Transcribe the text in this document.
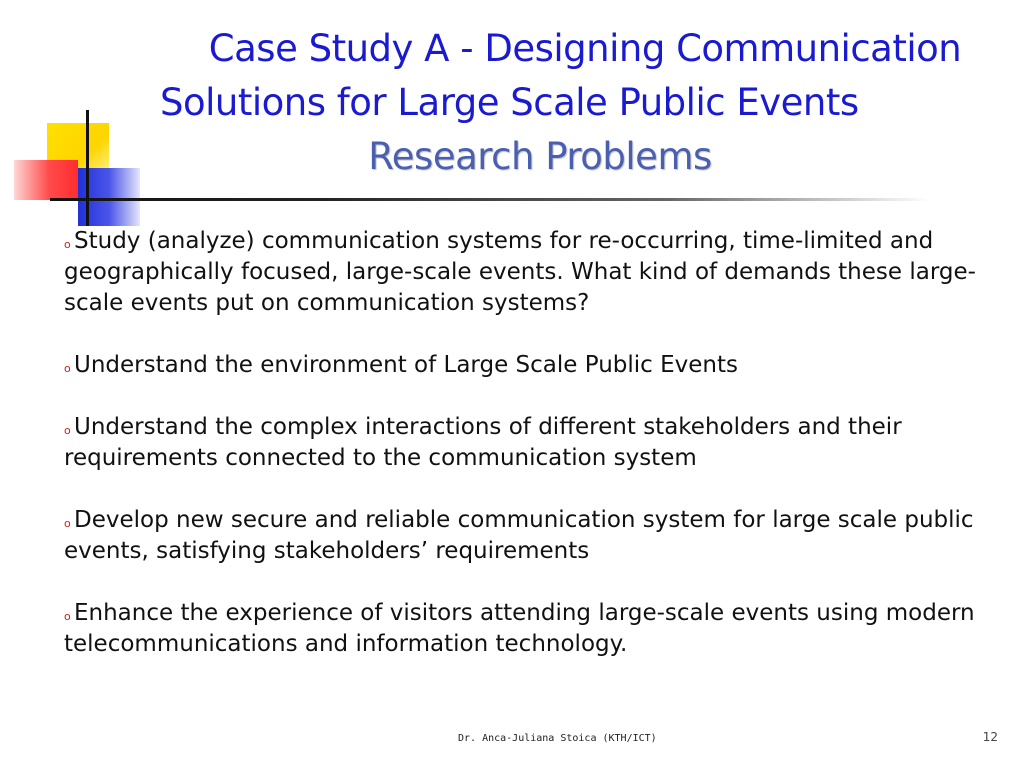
Case Study A - Designing Communication
Solutions for Large Scale Public Events
Research Problems
o Study (analyze) communication systems for re-occurring, time-limited and geographically focused, large-scale events. What kind of demands these large-scale events put on communication systems?
o Understand the environment of Large Scale Public Events
o Understand the complex interactions of different stakeholders and their requirements connected to the communication system
o Develop new secure and reliable communication system for large scale public events, satisfying stakeholders’ requirements
o Enhance the experience of visitors attending large-scale events using modern telecommunications and information technology.
Dr. Anca-Juliana Stoica (KTH/ICT)	12
